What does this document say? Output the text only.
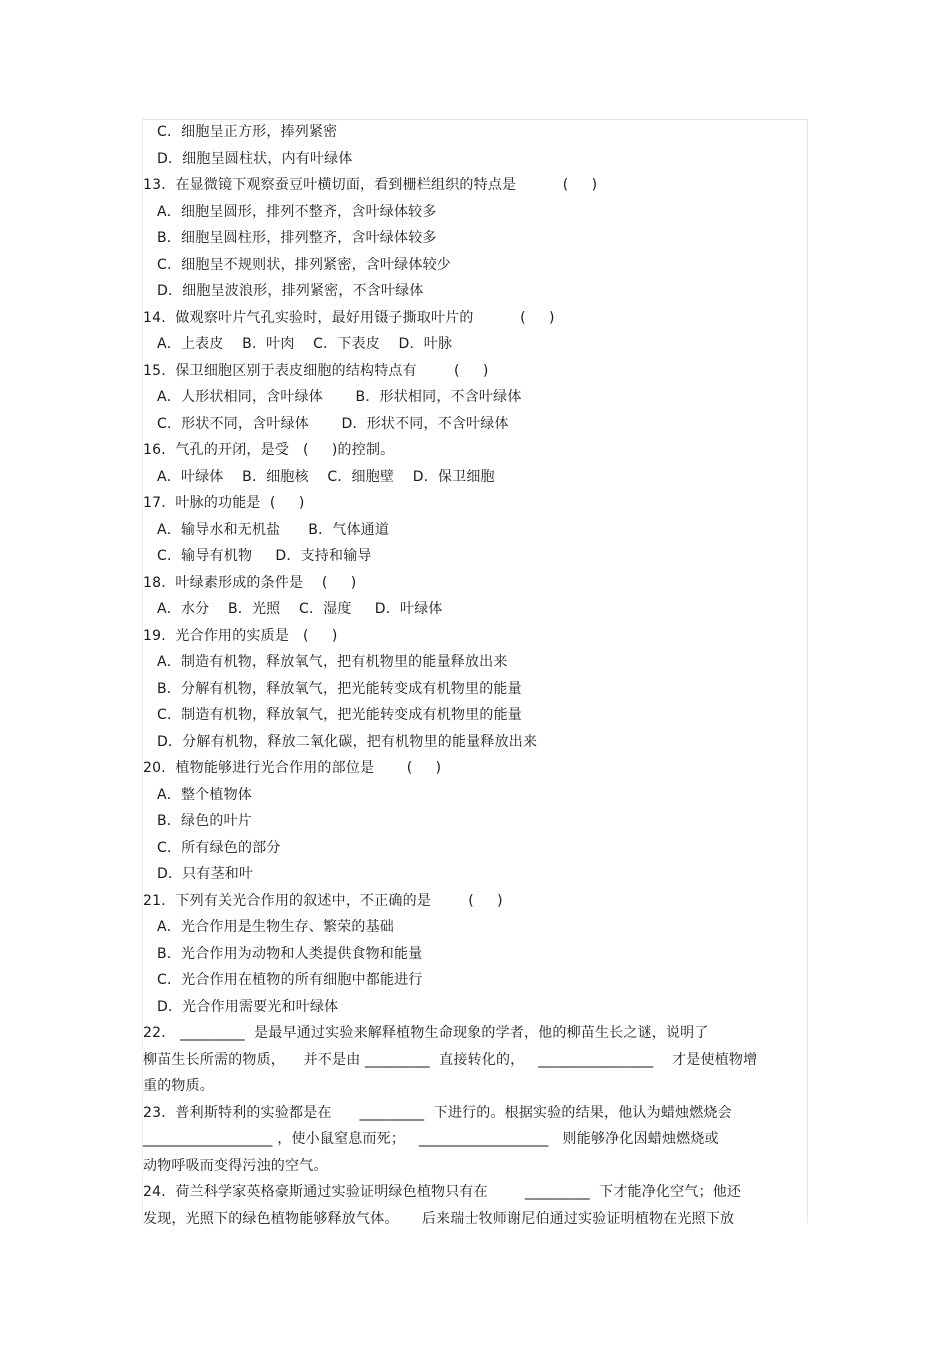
C．细胞呈正方形，捧列紧密
D．细胞呈圆柱状，内有叶绿体
13．在显微镜下观察蚕豆叶横切面，看到栅栏组织的特点是          (     )
A．细胞呈圆形，排列不整齐，含叶绿体较多
B．细胞呈圆柱形，排列整齐，含叶绿体较多
C．细胞呈不规则状，排列紧密，含叶绿体较少
D．细胞呈波浪形，排列紧密，不含叶绿体
14．做观察叶片气孔实验时，最好用镊子撕取叶片的          (     )
A．上表皮    B．叶肉    C．下表皮    D．叶脉
15．保卫细胞区别于表皮细胞的结构特点有        (     )
A．人形状相同，含叶绿体       B．形状相同，不含叶绿体
C．形状不同，含叶绿体       D．形状不同，不含叶绿体
16．气孔的开闭，是受   (     )的控制。
A．叶绿体    B．细胞核    C．细胞壁    D．保卫细胞
17．叶脉的功能是  (     )
A．输导水和无机盐      B．气体通道
C．输导有机物     D．支持和输导
18．叶绿素形成的条件是    (     )
A．水分    B．光照    C．湿度     D．叶绿体
19．光合作用的实质是   (     )
A．制造有机物，释放氧气，把有机物里的能量释放出来
B．分解有机物，释放氧气，把光能转变成有机物里的能量
C．制造有机物，释放氧气，把光能转变成有机物里的能量
D．分解有机物，释放二氧化碳，把有机物里的能量释放出来
20．植物能够进行光合作用的部位是       (     )
A．整个植物体
B．绿色的叶片
C．所有绿色的部分
D．只有茎和叶
21．下列有关光合作用的叙述中，不正确的是        (     )
A．光合作用是生物生存、繁荣的基础
B．光合作用为动物和人类提供食物和能量
C．光合作用在植物的所有细胞中都能进行
D．光合作用需要光和叶绿体
22． _________  是最早通过实验来解释植物生命现象的学者，他的柳苗生长之谜，说明了
柳苗生长所需的物质，    并不是由 _________  直接转化的，   ________________    才是使植物增
重的物质。
23．普利斯特利的实验都是在      _________  下进行的。根据实验的结果，他认为蜡烛燃烧会
__________________ ，使小鼠窒息而死；   __________________   则能够净化因蜡烛燃烧或
动物呼吸而变得污浊的空气。
24．荷兰科学家英格豪斯通过实验证明绿色植物只有在        _________  下才能净化空气；他还
发现，光照下的绿色植物能够释放气体。     后来瑞士牧师谢尼伯通过实验证明植物在光照下放
